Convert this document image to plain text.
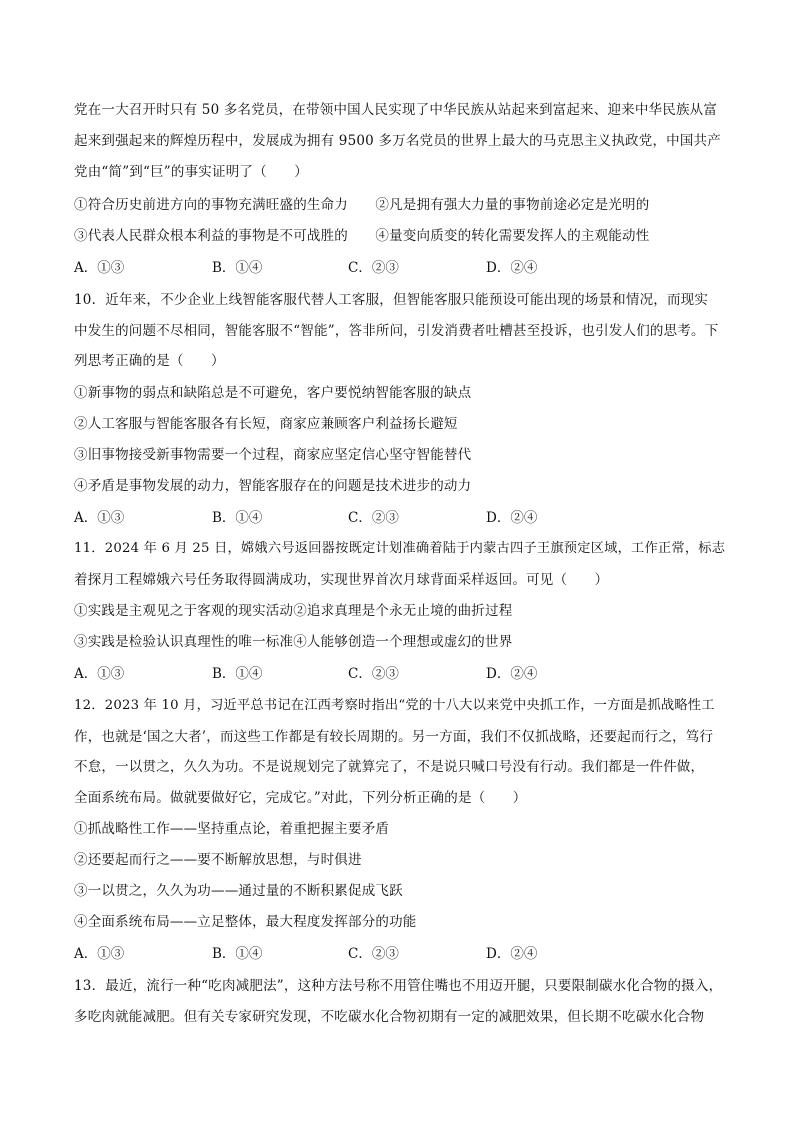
党在一大召开时只有 50 多名党员，在带领中国人民实现了中华民族从站起来到富起来、迎来中华民族从富
起来到强起来的辉煌历程中，发展成为拥有 9500 多万名党员的世界上最大的马克思主义执政党，中国共产
党由“简”到“巨”的事实证明了（　　）
①符合历史前进方向的事物充满旺盛的生命力　　②凡是拥有强大力量的事物前途必定是光明的
③代表人民群众根本利益的事物是不可战胜的　　④量变向质变的转化需要发挥人的主观能动性
A．①③	B．①④	C．②③	D．②④
10．近年来，不少企业上线智能客服代替人工客服，但智能客服只能预设可能出现的场景和情况，而现实
中发生的问题不尽相同，智能客服不“智能”，答非所问，引发消费者吐槽甚至投诉，也引发人们的思考。下
列思考正确的是（　　）
①新事物的弱点和缺陷总是不可避免，客户要悦纳智能客服的缺点
②人工客服与智能客服各有长短，商家应兼顾客户利益扬长避短
③旧事物接受新事物需要一个过程，商家应坚定信心坚守智能替代
④矛盾是事物发展的动力，智能客服存在的问题是技术进步的动力
A．①③	B．①④	C．②③	D．②④
11．2024 年 6 月 25 日，嫦娥六号返回器按既定计划准确着陆于内蒙古四子王旗预定区域，工作正常，标志
着探月工程嫦娥六号任务取得圆满成功，实现世界首次月球背面采样返回。可见（　　）
①实践是主观见之于客观的现实活动②追求真理是个永无止境的曲折过程
③实践是检验认识真理性的唯一标准④人能够创造一个理想或虚幻的世界
A．①③	B．①④	C．②③	D．②④
12．2023 年 10 月，习近平总书记在江西考察时指出“党的十八大以来党中央抓工作，一方面是抓战略性工
作，也就是‘国之大者’，而这些工作都是有较长周期的。另一方面，我们不仅抓战略，还要起而行之，笃行
不怠，一以贯之，久久为功。不是说规划完了就算完了，不是说只喊口号没有行动。我们都是一件件做，
全面系统布局。做就要做好它，完成它。”对此，下列分析正确的是（　　）
①抓战略性工作——坚持重点论，着重把握主要矛盾
②还要起而行之——要不断解放思想，与时俱进
③一以贯之，久久为功——通过量的不断积累促成飞跃
④全面系统布局——立足整体，最大程度发挥部分的功能
A．①③	B．①④	C．②③	D．②④
13．最近，流行一种“吃肉减肥法”，这种方法号称不用管住嘴也不用迈开腿，只要限制碳水化合物的摄入，
多吃肉就能减肥。但有关专家研究发现，不吃碳水化合物初期有一定的减肥效果，但长期不吃碳水化合物
